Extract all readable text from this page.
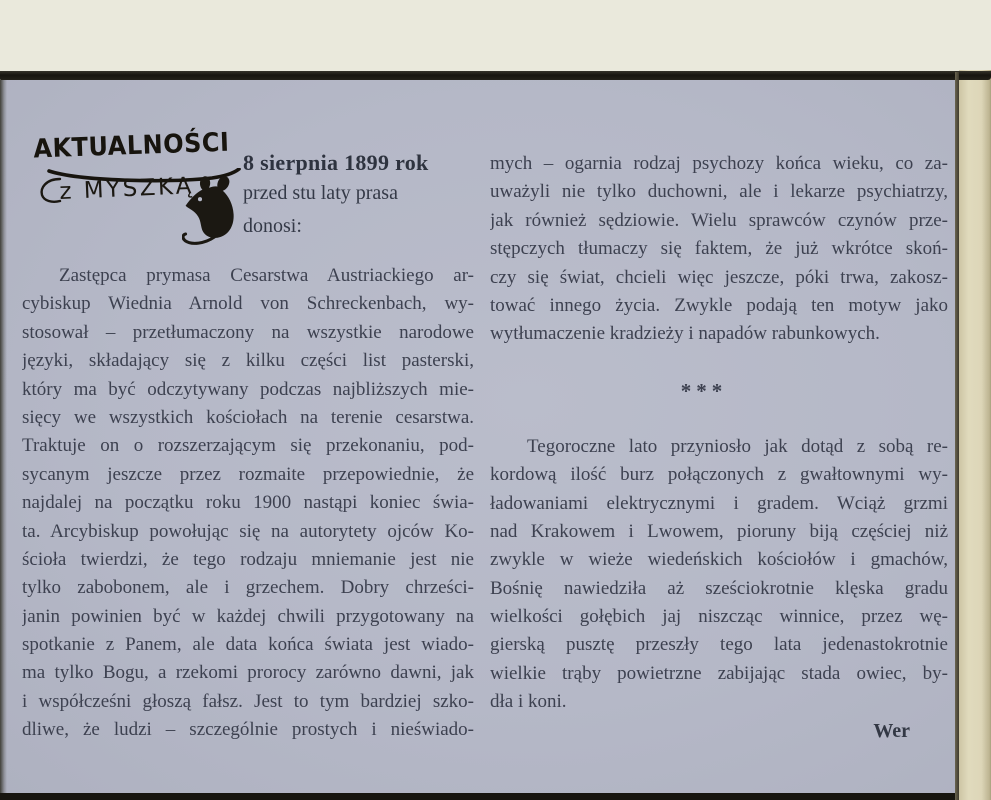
AKTUALNOŚCI
z MYSZKĄ
8 sierpnia 1899 rok
przed stu laty prasa
donosi:
Zastępca prymasa Cesarstwa Austriackiego ar-
cybiskup Wiednia Arnold von Schreckenbach, wy-
stosował – przetłumaczony na wszystkie narodowe
języki, składający się z kilku części list pasterski,
który ma być odczytywany podczas najbliższych mie-
sięcy we wszystkich kościołach na terenie cesarstwa.
Traktuje on o rozszerzającym się przekonaniu, pod-
sycanym jeszcze przez rozmaite przepowiednie, że
najdalej na początku roku 1900 nastąpi koniec świa-
ta. Arcybiskup powołując się na autorytety ojców Ko-
ścioła twierdzi, że tego rodzaju mniemanie jest nie
tylko zabobonem, ale i grzechem. Dobry chrześci-
janin powinien być w każdej chwili przygotowany na
spotkanie z Panem, ale data końca świata jest wiado-
ma tylko Bogu, a rzekomi prorocy zarówno dawni, jak
i współcześni głoszą fałsz. Jest to tym bardziej szko-
dliwe, że ludzi – szczególnie prostych i nieświado-
mych – ogarnia rodzaj psychozy końca wieku, co za-
uważyli nie tylko duchowni, ale i lekarze psychiatrzy,
jak również sędziowie. Wielu sprawców czynów prze-
stępczych tłumaczy się faktem, że już wkrótce skoń-
czy się świat, chcieli więc jeszcze, póki trwa, zakosz-
tować innego życia. Zwykle podają ten motyw jako
wytłumaczenie kradzieży i napadów rabunkowych.
***
Tegoroczne lato przyniosło jak dotąd z sobą re-
kordową ilość burz połączonych z gwałtownymi wy-
ładowaniami elektrycznymi i gradem. Wciąż grzmi
nad Krakowem i Lwowem, pioruny biją częściej niż
zwykle w wieże wiedeńskich kościołów i gmachów,
Bośnię nawiedziła aż sześciokrotnie klęska gradu
wielkości gołębich jaj niszcząc winnice, przez wę-
gierską pusztę przeszły tego lata jedenastokrotnie
wielkie trąby powietrzne zabijając stada owiec, by-
dła i koni.
Wer
